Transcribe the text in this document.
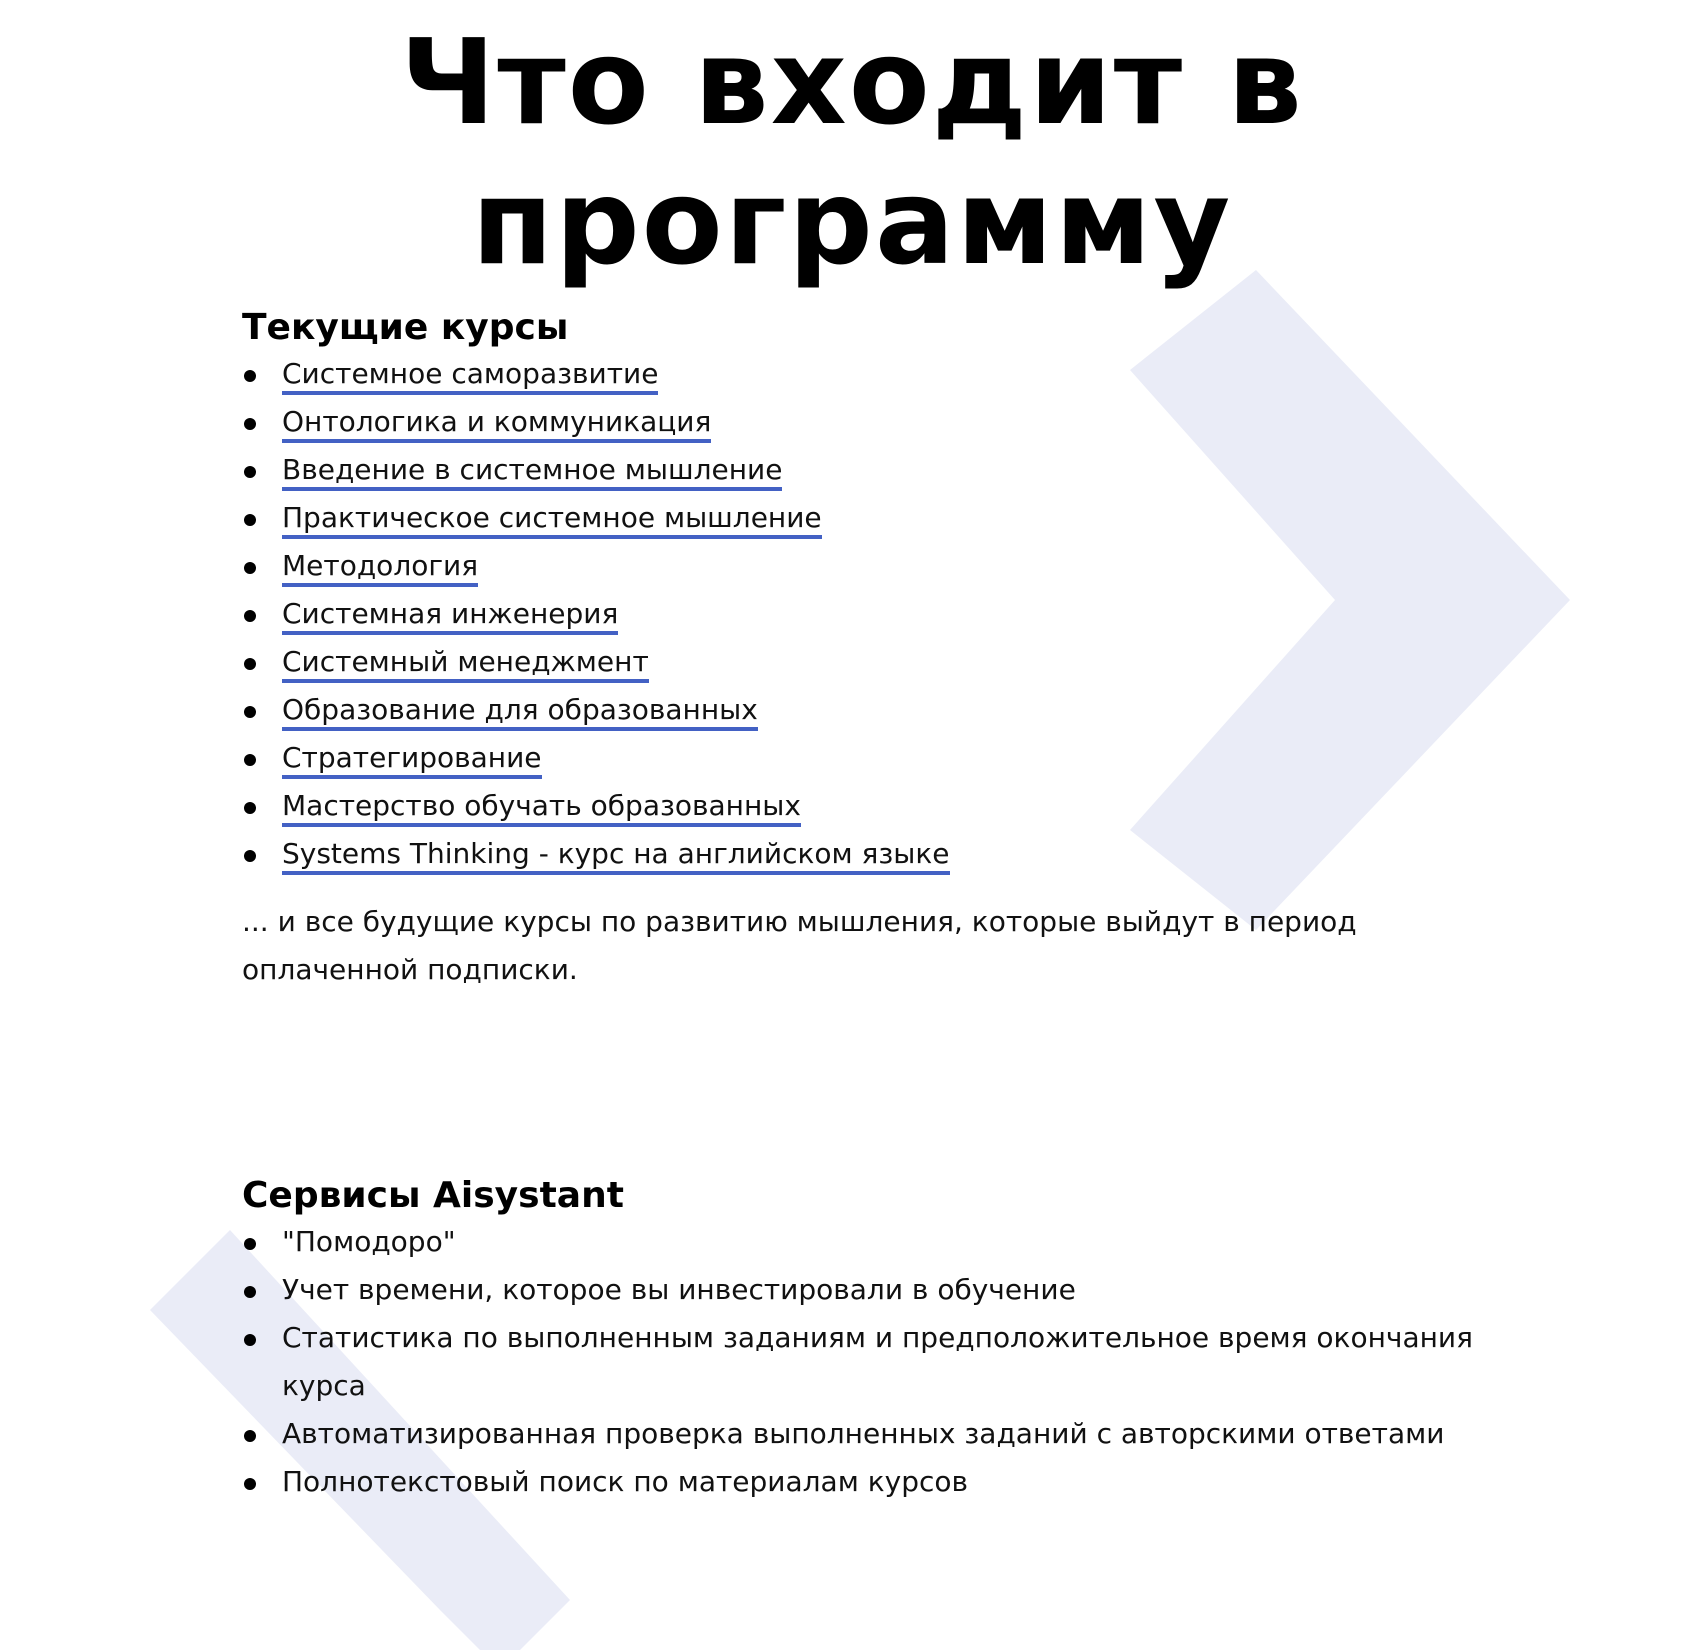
Что входит в программу
Текущие курсы
Системное саморазвитие
Онтологика и коммуникация
Введение в системное мышление
Практическое системное мышление
Методология
Системная инженерия
Системный менеджмент
Образование для образованных
Стратегирование
Мастерство обучать образованных
Systems Thinking - курс на английском языке

... и все будущие курсы по развитию мышления, которые выйдут в период оплаченной подписки.

Сервисы Aisystant
"Помодоро"
Учет времени, которое вы инвестировали в обучение
Статистика по выполненным заданиям и предположительное время окончания курса
Автоматизированная проверка выполненных заданий с авторскими ответами
Полнотекстовый поиск по материалам курсов
